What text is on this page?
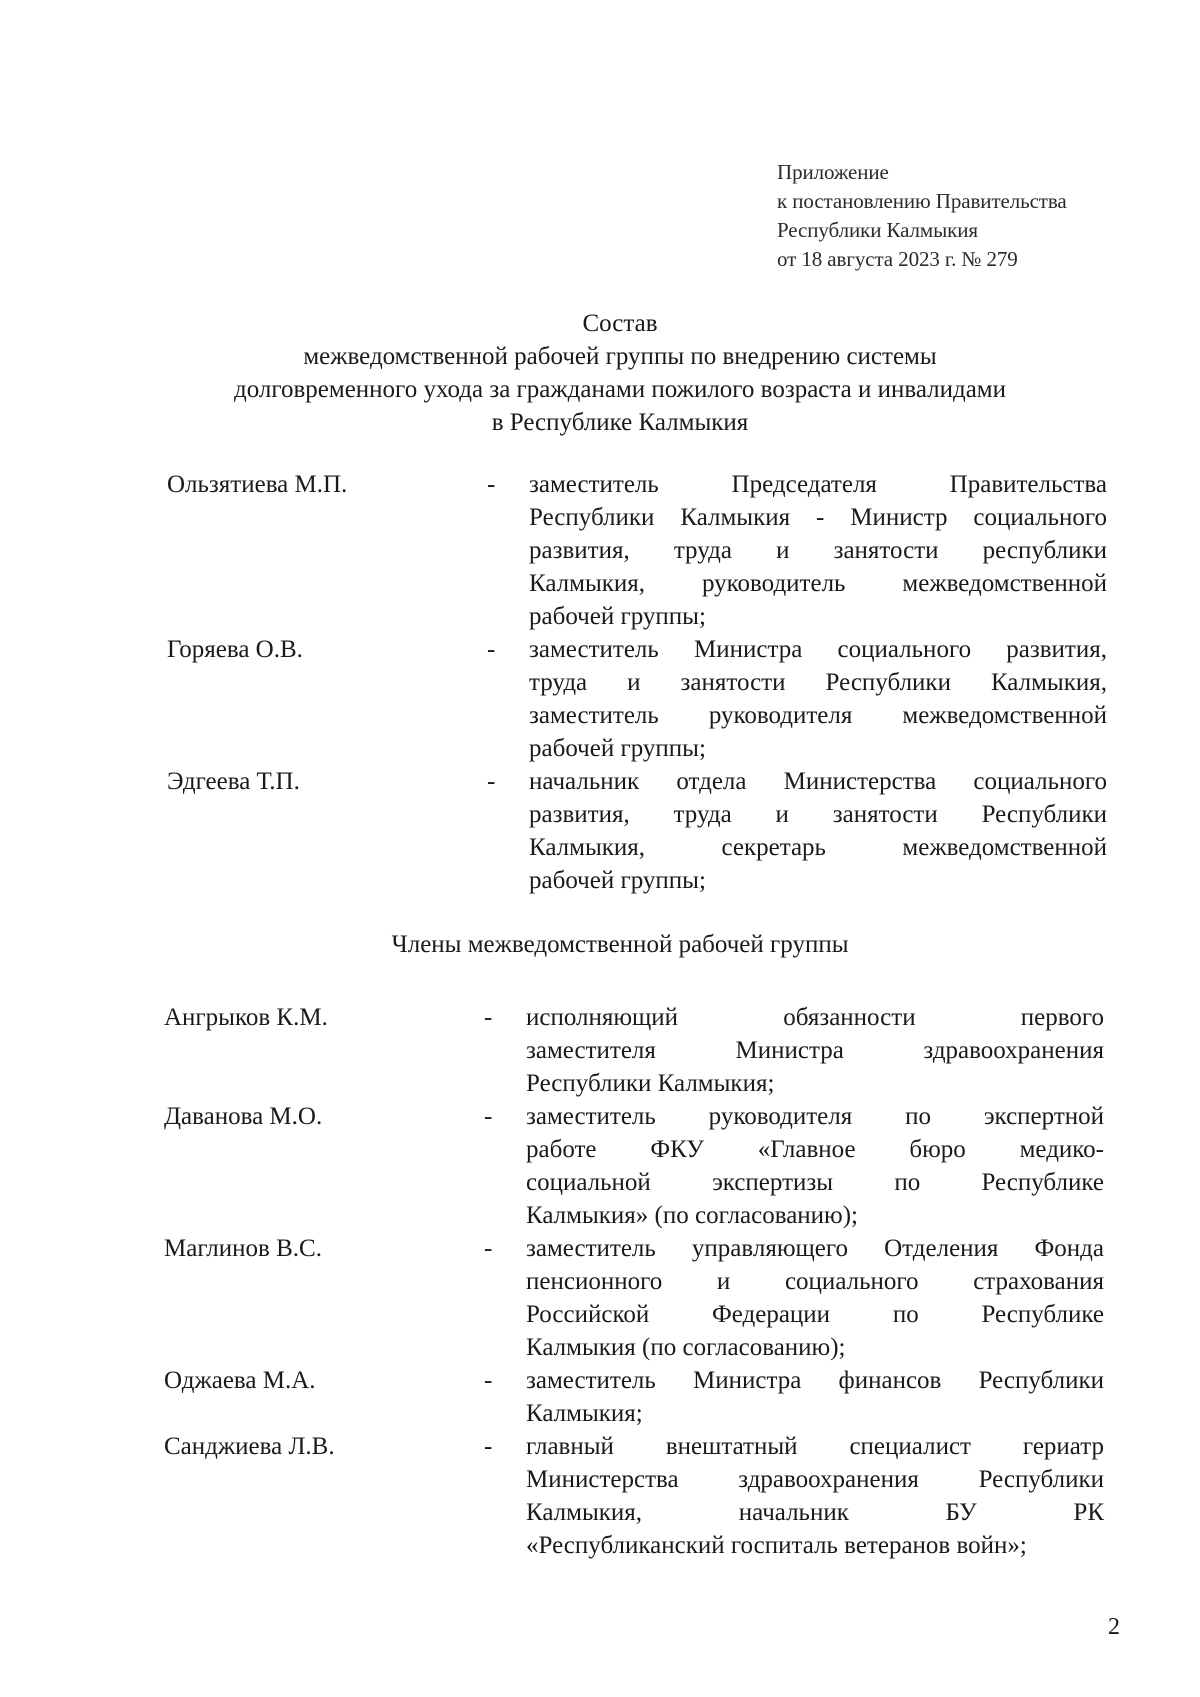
Приложение
к постановлению Правительства
Республики Калмыкия
от 18 августа 2023 г. № 279
Состав
межведомственной рабочей группы по внедрению системы
долговременного ухода за гражданами пожилого возраста и инвалидами
в Республике Калмыкия
Ользятиева М.П.	-	заместитель Председателя Правительства
Республики Калмыкия - Министр социального
развития, труда и занятости республики
Калмыкия, руководитель межведомственной
рабочей группы;
Горяева О.В.	-	заместитель Министра социального развития,
труда и занятости Республики Калмыкия,
заместитель руководителя межведомственной
рабочей группы;
Эдгеева Т.П.	-	начальник отдела Министерства социального
развития, труда и занятости Республики
Калмыкия, секретарь межведомственной
рабочей группы;
Члены межведомственной рабочей группы
Ангрыков К.М.	-	исполняющий обязанности первого
заместителя Министра здравоохранения
Республики Калмыкия;
Даванова М.О.	-	заместитель руководителя по экспертной
работе ФКУ «Главное бюро медико-
социальной экспертизы по Республике
Калмыкия» (по согласованию);
Маглинов В.С.	-	заместитель управляющего Отделения Фонда
пенсионного и социального страхования
Российской Федерации по Республике
Калмыкия (по согласованию);
Оджаева М.А.	-	заместитель Министра финансов Республики
Калмыкия;
Санджиева Л.В.	-	главный внештатный специалист гериатр
Министерства здравоохранения Республики
Калмыкия, начальник БУ РК
«Республиканский госпиталь ветеранов войн»;
2
